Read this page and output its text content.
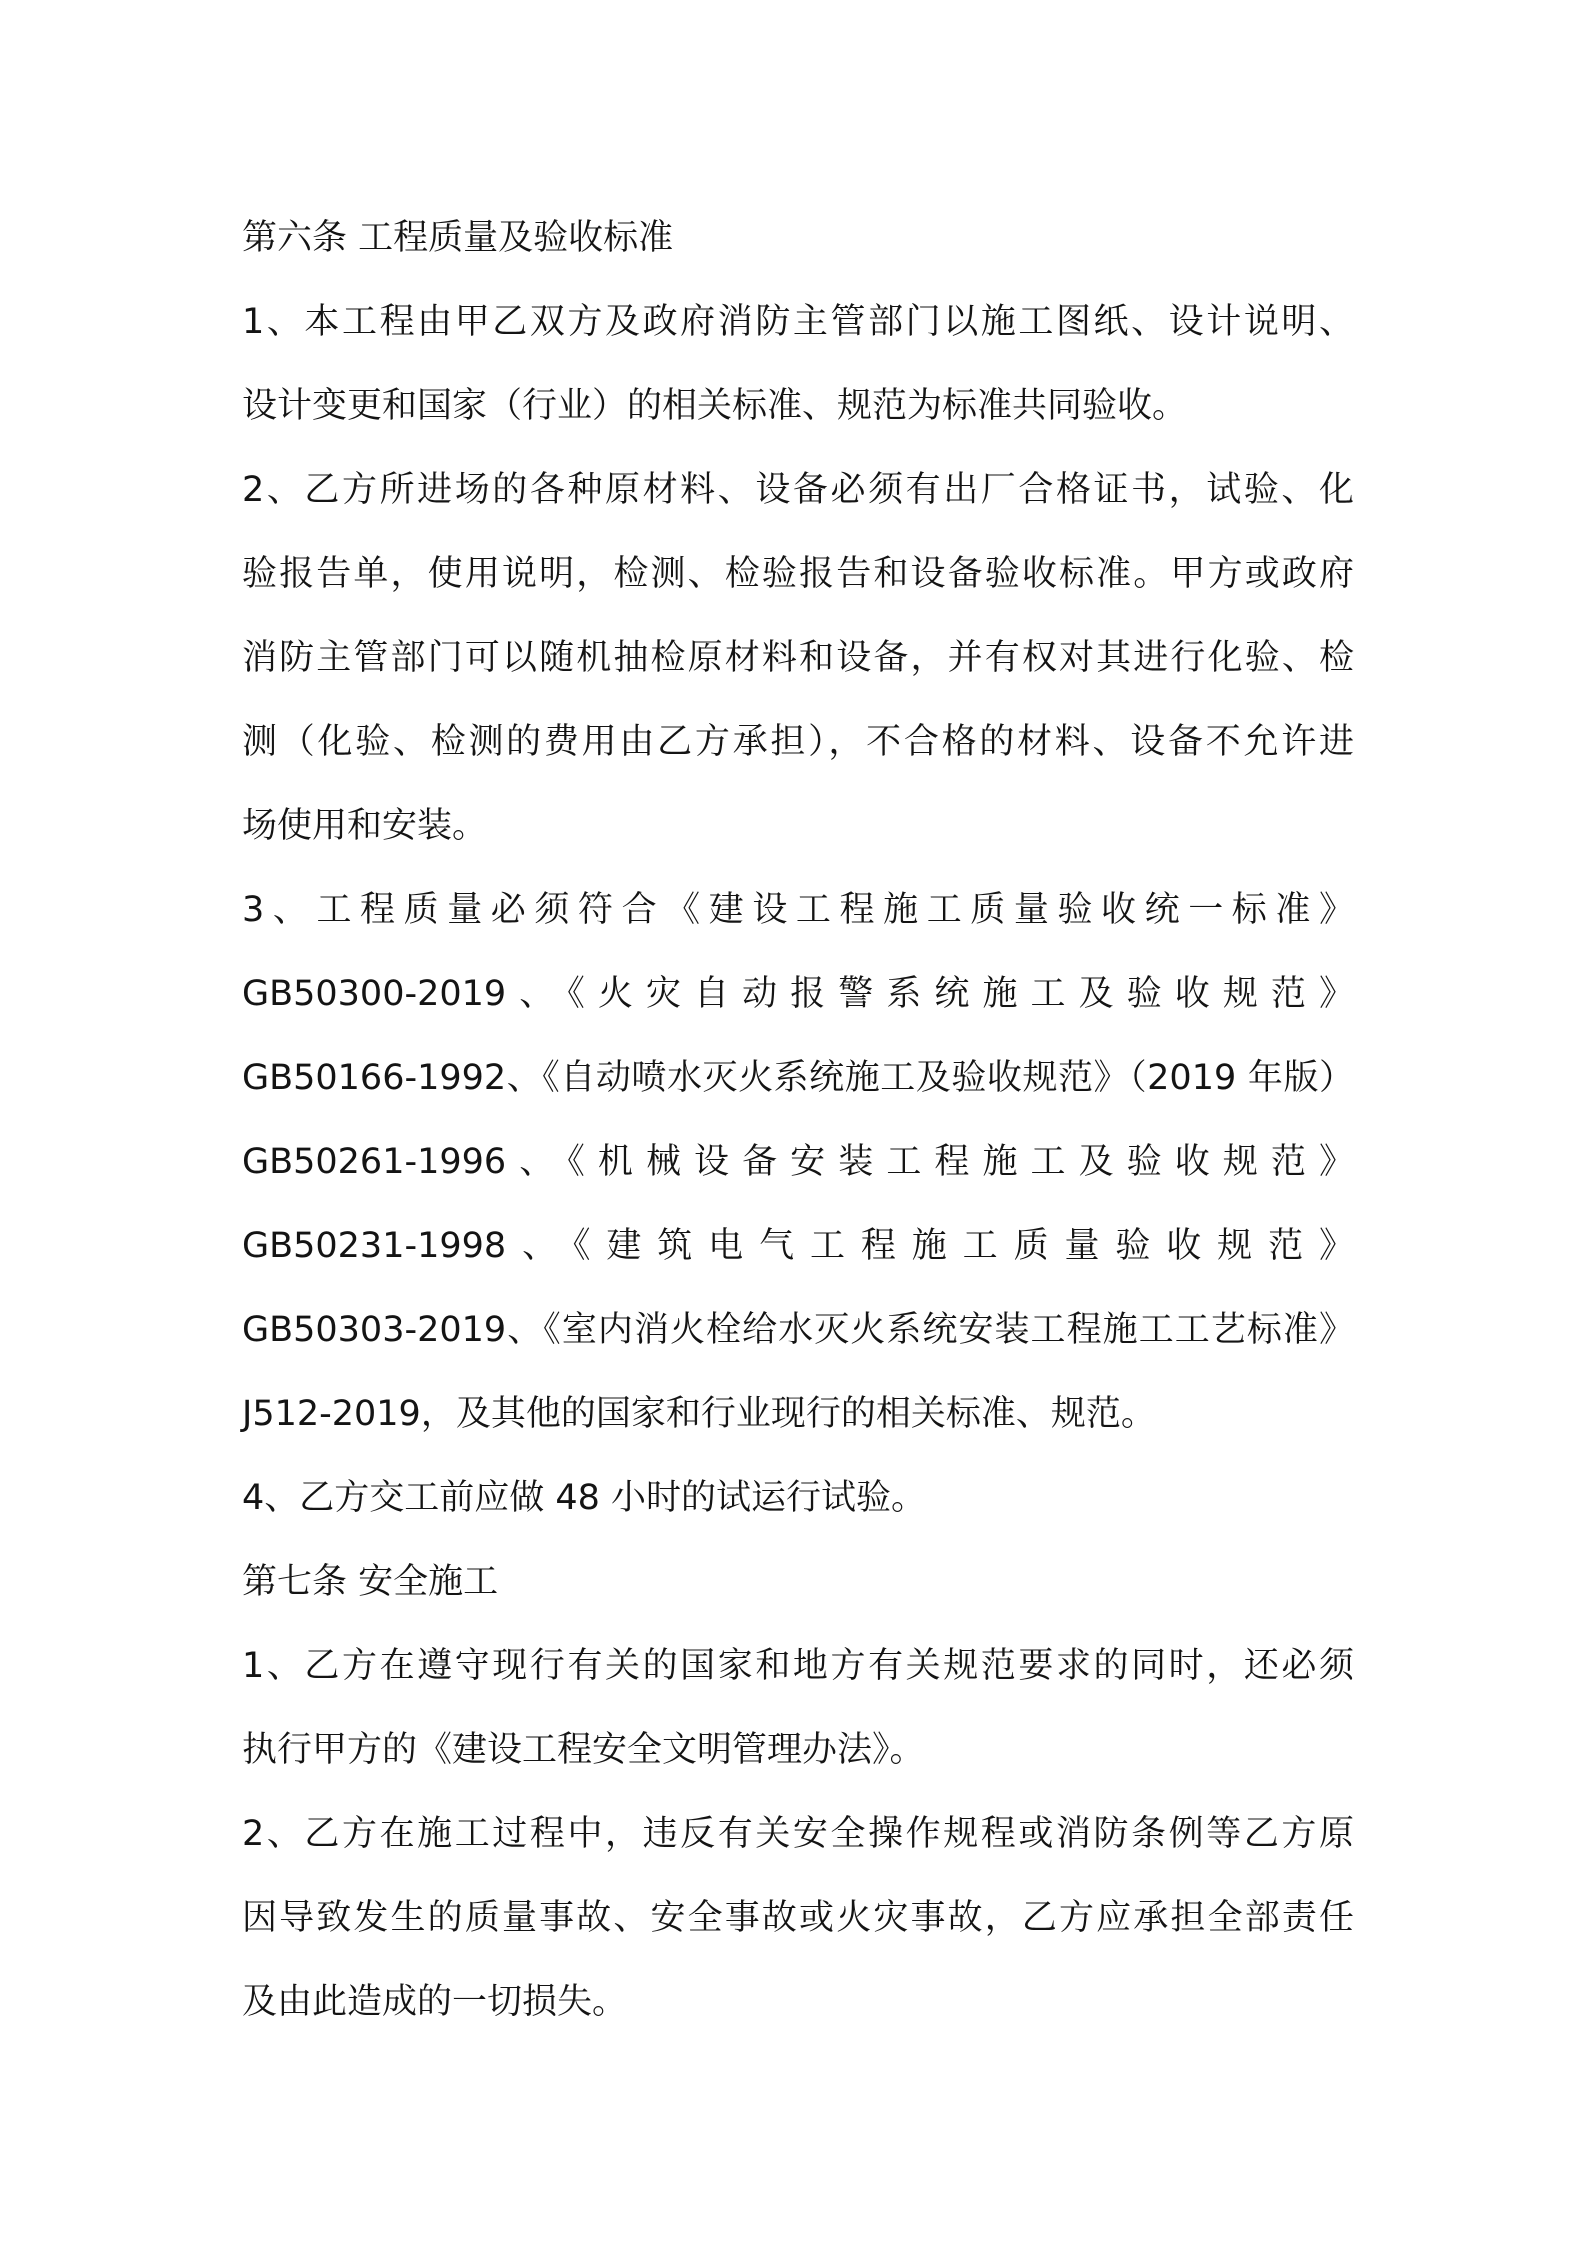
第六条 工程质量及验收标准
1、本工程由甲乙双方及政府消防主管部门以施工图纸、设计说明、
设计变更和国家（行业）的相关标准、规范为标准共同验收。
2、乙方所进场的各种原材料、设备必须有出厂合格证书，试验、化
验报告单，使用说明，检测、检验报告和设备验收标准。甲方或政府
消防主管部门可以随机抽检原材料和设备，并有权对其进行化验、检
测（化验、检测的费用由乙方承担），不合格的材料、设备不允许进
场使用和安装。
3、工程质量必须符合《建设工程施工质量验收统一标准》
GB50300-2019、《火灾自动报警系统施工及验收规范》
GB50166-1992、《自动喷水灭火系统施工及验收规范》（2019 年版）
GB50261-1996、《机械设备安装工程施工及验收规范》
GB50231-1998、《建筑电气工程施工质量验收规范》
GB50303-2019、《室内消火栓给水灭火系统安装工程施工工艺标准》
J512-2019，及其他的国家和行业现行的相关标准、规范。
4、乙方交工前应做 48 小时的试运行试验。
第七条 安全施工
1、乙方在遵守现行有关的国家和地方有关规范要求的同时，还必须
执行甲方的《建设工程安全文明管理办法》。
2、乙方在施工过程中，违反有关安全操作规程或消防条例等乙方原
因导致发生的质量事故、安全事故或火灾事故，乙方应承担全部责任
及由此造成的一切损失。
